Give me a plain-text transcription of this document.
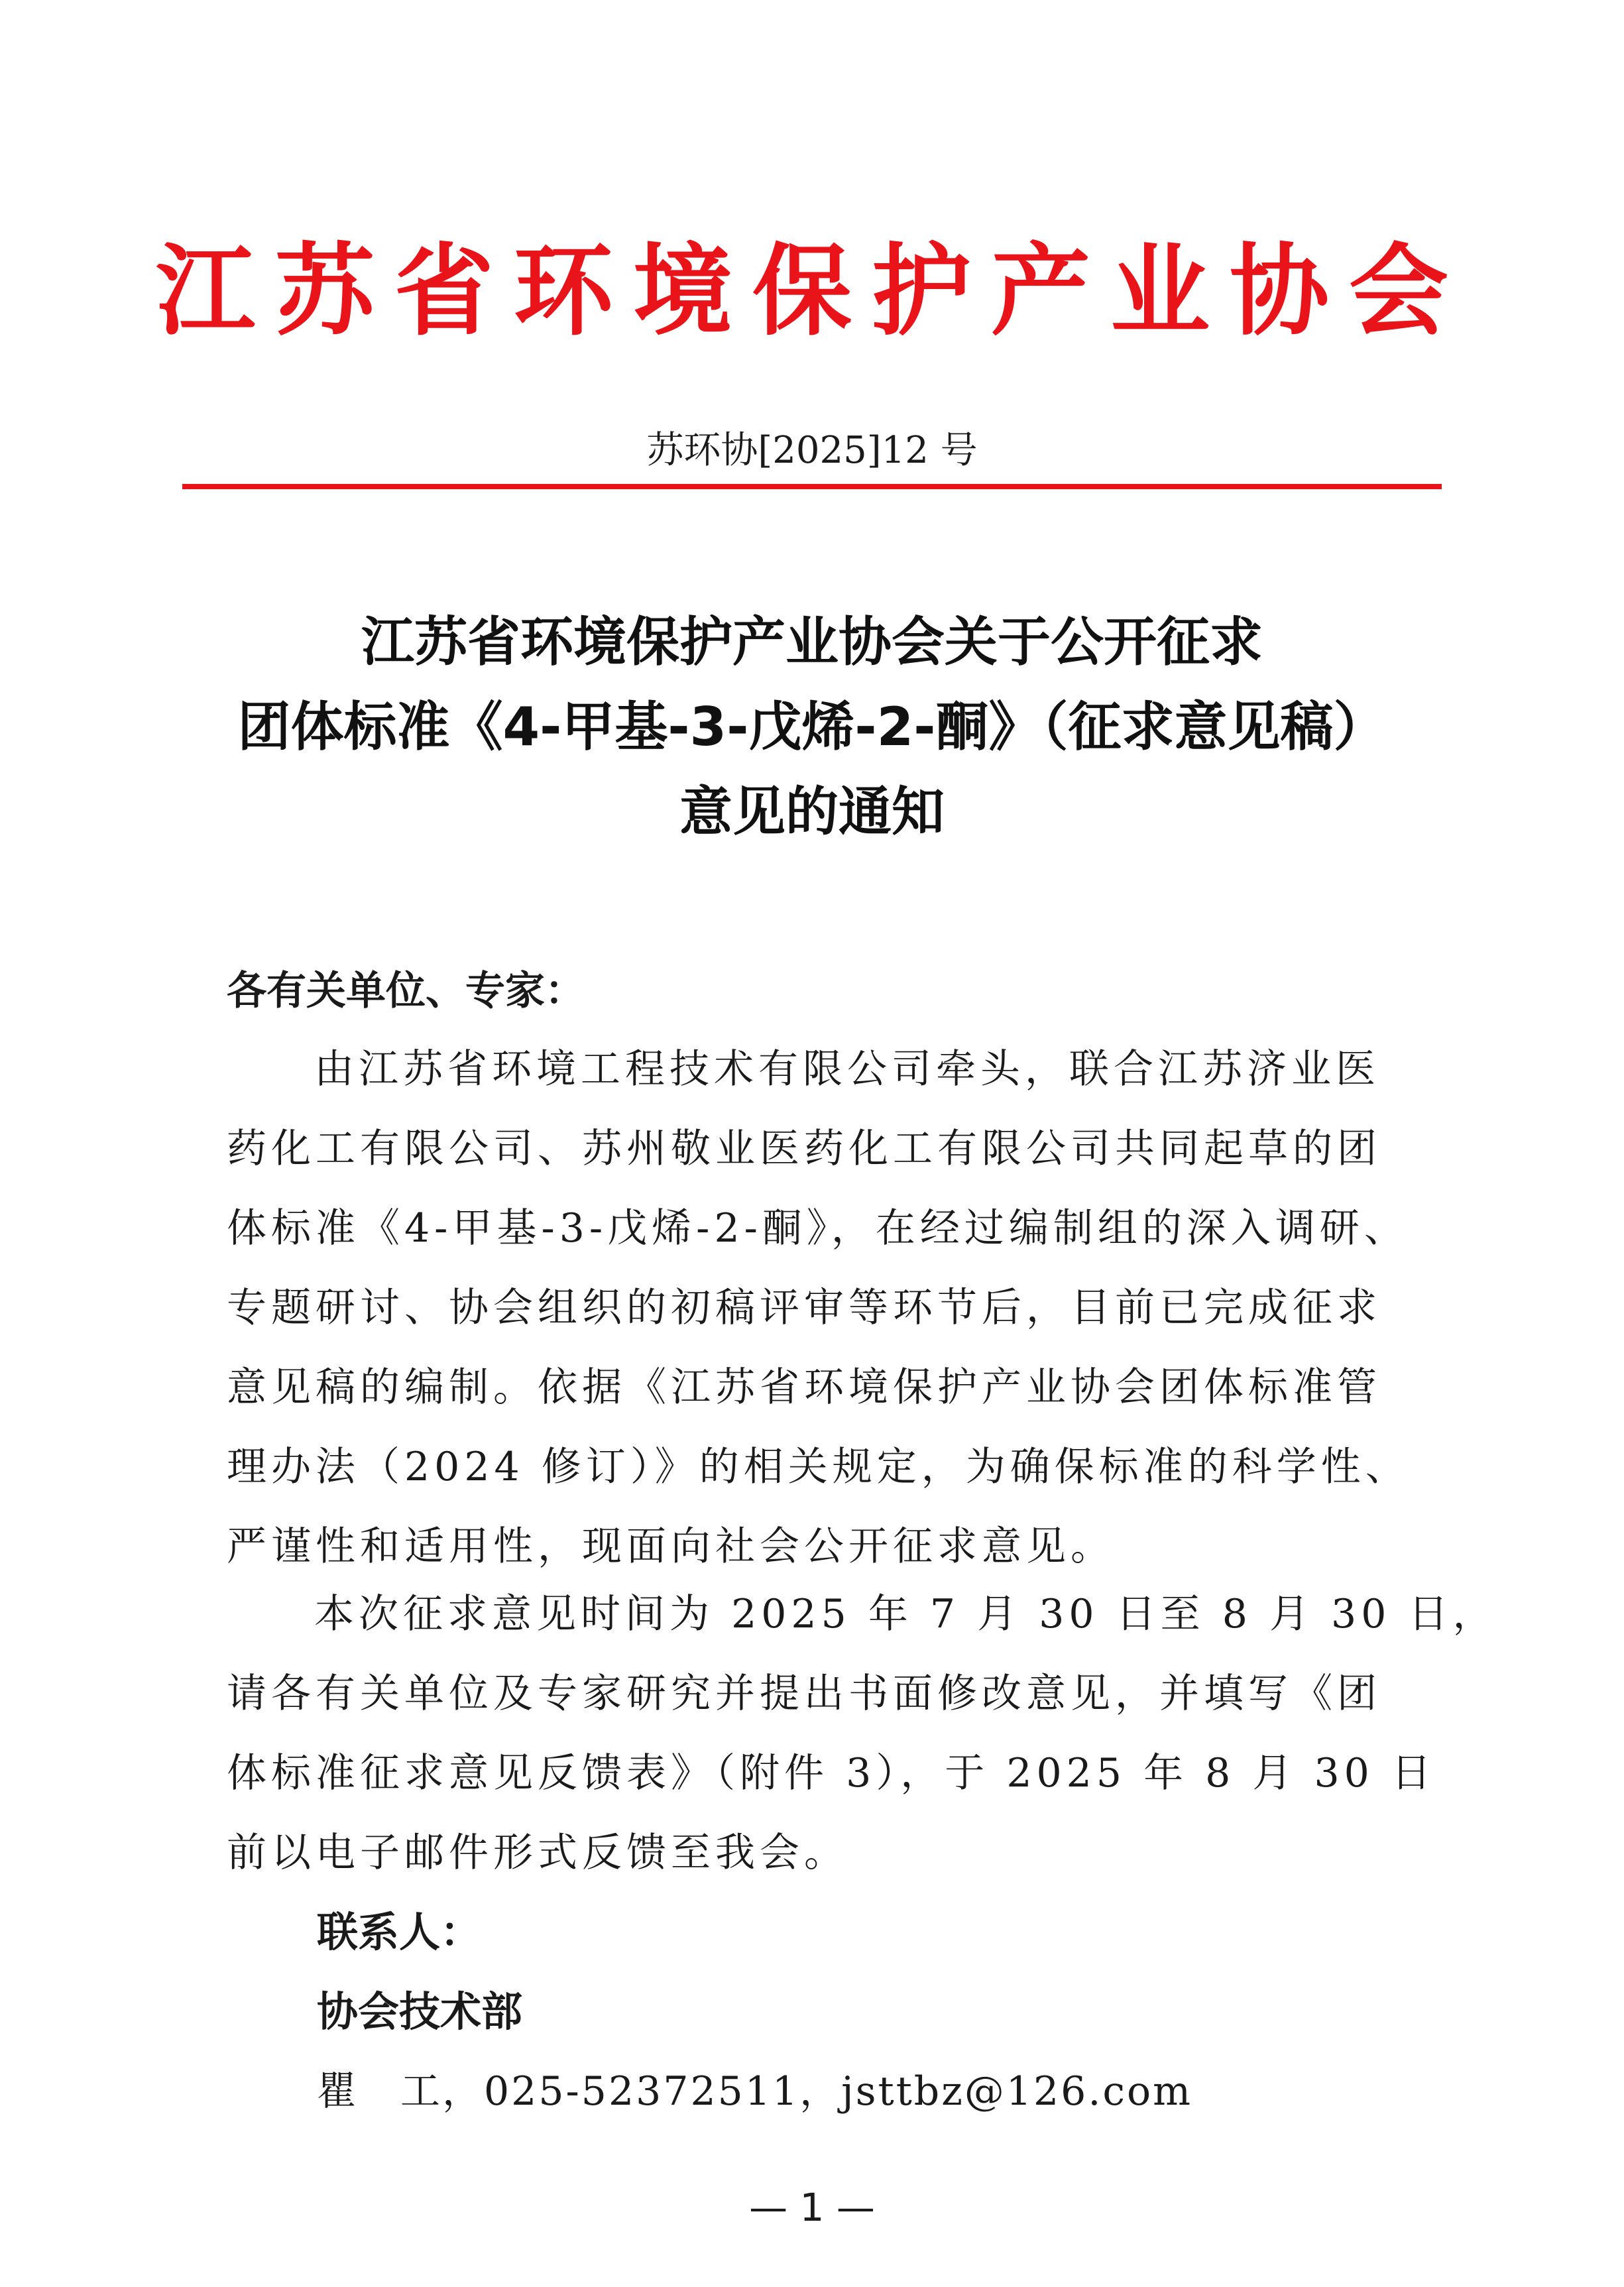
江苏省环境保护产业协会
苏环协[2025]12 号
江苏省环境保护产业协会关于公开征求
团体标准《4-甲基-3-戊烯-2-酮》（征求意见稿）
意见的通知
各有关单位、专家：
由江苏省环境工程技术有限公司牵头，联合江苏济业医
药化工有限公司、苏州敬业医药化工有限公司共同起草的团
体标准《4-甲基-3-戊烯-2-酮》，在经过编制组的深入调研、
专题研讨、协会组织的初稿评审等环节后，目前已完成征求
意见稿的编制。依据《江苏省环境保护产业协会团体标准管
理办法（2024 修订）》的相关规定，为确保标准的科学性、
严谨性和适用性，现面向社会公开征求意见。
本次征求意见时间为 2025 年 7 月 30 日至 8 月 30 日，
请各有关单位及专家研究并提出书面修改意见，并填写《团
体标准征求意见反馈表》（附件 3），于 2025 年 8 月 30 日
前以电子邮件形式反馈至我会。
联系人：
协会技术部
瞿　工，025-52372511，jsttbz@126.com
— 1 —
